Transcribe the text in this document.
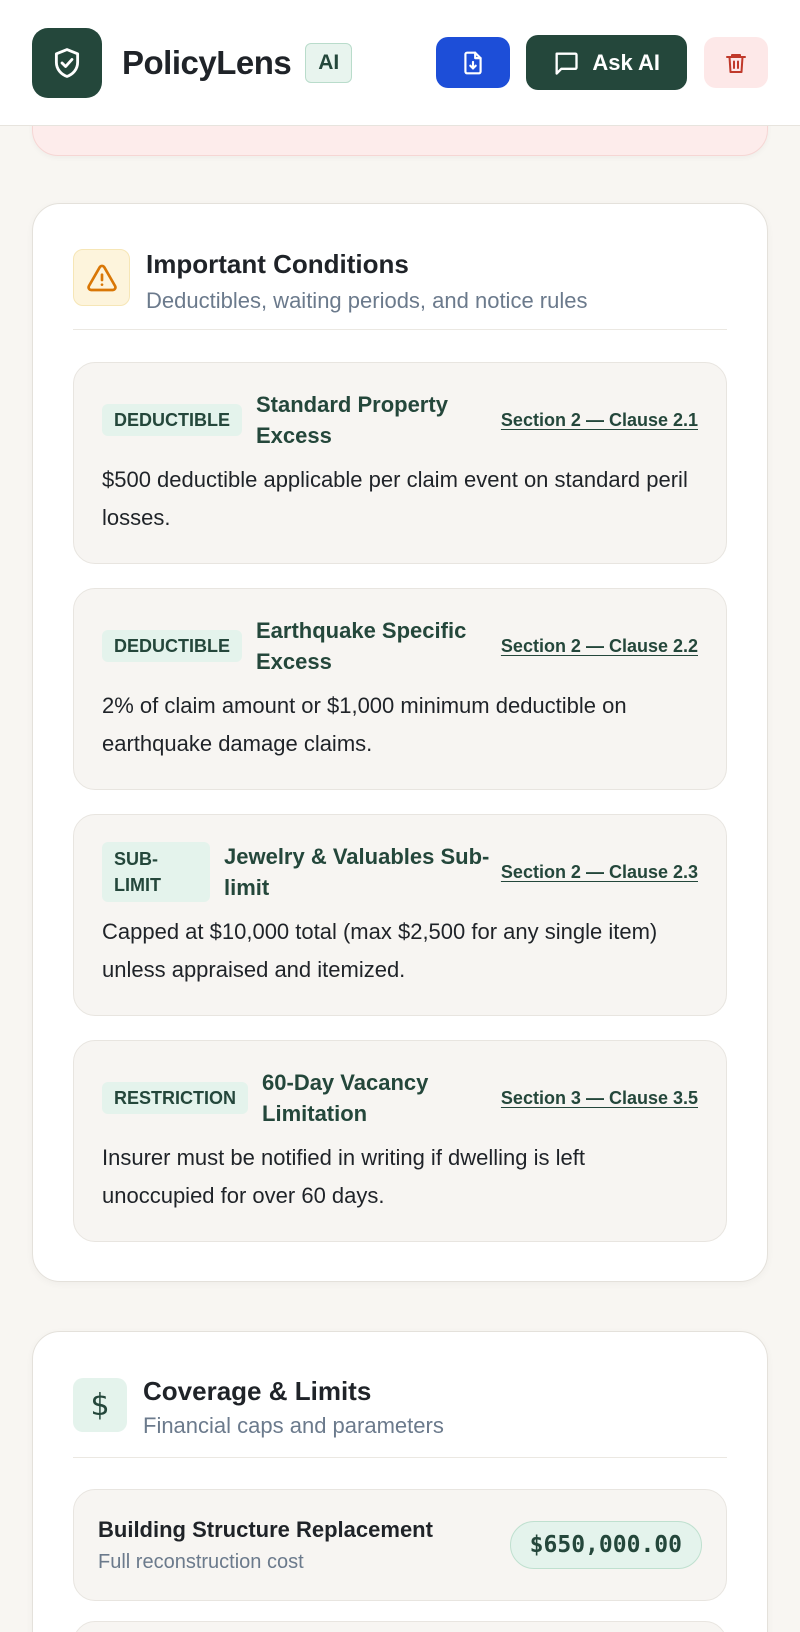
PolicyLens	AI	Ask AI
Important Conditions
Deductibles, waiting periods, and notice rules
DEDUCTIBLE
Standard Property Excess
Section 2 — Clause 2.1
$500 deductible applicable per claim event on standard peril losses.
DEDUCTIBLE
Earthquake Specific Excess
Section 2 — Clause 2.2
2% of claim amount or $1,000 minimum deductible on earthquake damage claims.
SUB-LIMIT
Jewelry & Valuables Sub-limit
Section 2 — Clause 2.3
Capped at $10,000 total (max $2,500 for any single item) unless appraised and itemized.
RESTRICTION
60-Day Vacancy Limitation
Section 3 — Clause 3.5
Insurer must be notified in writing if dwelling is left unoccupied for over 60 days.
$ Coverage & Limits
Financial caps and parameters
Building Structure Replacement
Full reconstruction cost
$650,000.00
